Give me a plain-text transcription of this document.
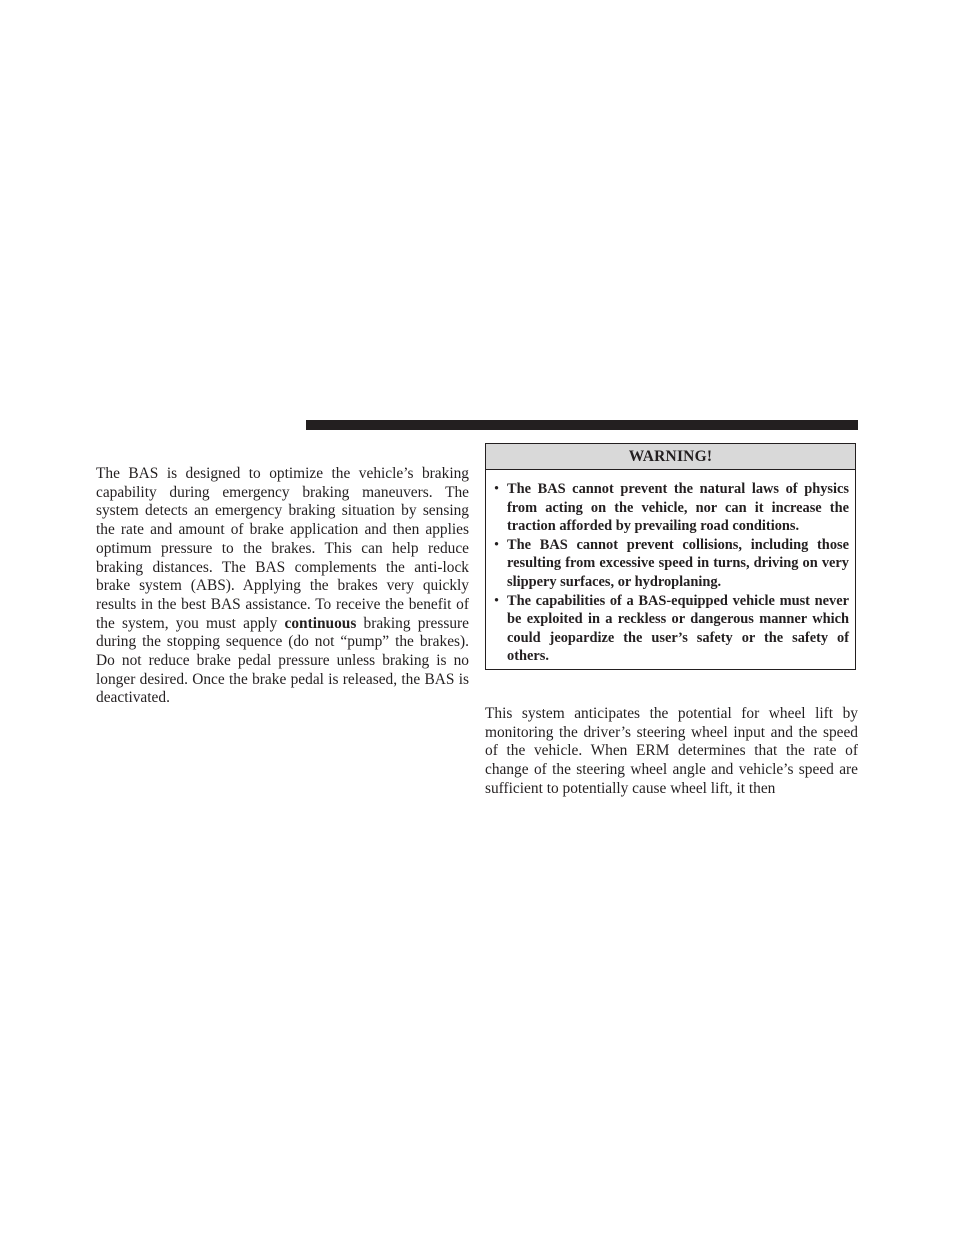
The BAS is designed to optimize the vehicle’s braking capability during emergency braking maneuvers. The system detects an emergency braking situation by sensing the rate and amount of brake application and then applies optimum pressure to the brakes. This can help reduce braking distances. The BAS complements the anti-lock brake system (ABS). Applying the brakes very quickly results in the best BAS assistance. To receive the benefit of the system, you must apply continuous braking pressure during the stopping sequence (do not “pump” the brakes). Do not reduce brake pedal pressure unless braking is no longer desired. Once the brake pedal is released, the BAS is deactivated.

WARNING!
• The BAS cannot prevent the natural laws of physics from acting on the vehicle, nor can it increase the traction afforded by prevailing road conditions.
• The BAS cannot prevent collisions, including those resulting from excessive speed in turns, driving on very slippery surfaces, or hydroplaning.
• The capabilities of a BAS-equipped vehicle must never be exploited in a reckless or dangerous manner which could jeopardize the user’s safety or the safety of others.

This system anticipates the potential for wheel lift by monitoring the driver’s steering wheel input and the speed of the vehicle. When ERM determines that the rate of change of the steering wheel angle and vehicle’s speed are sufficient to potentially cause wheel lift, it then
